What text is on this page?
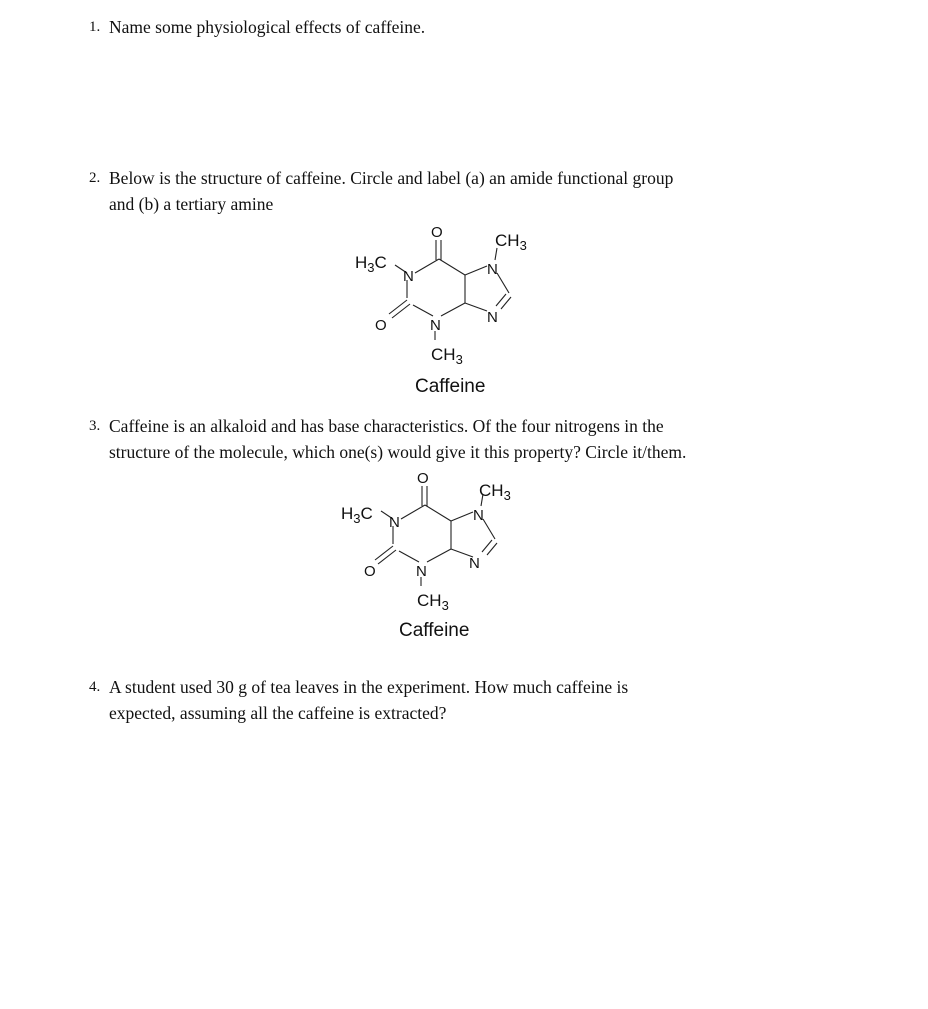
1. Name some physiological effects of caffeine.
2. Below is the structure of caffeine. Circle and label (a) an amide functional group
and (b) a tertiary amine
$H_3C$
N
O	$CH_3$
N
N
O	N
$CH_3$
Caffeine
3. Caffeine is an alkaloid and has base characteristics. Of the four nitrogens in the
structure of the molecule, which one(s) would give it this property? Circle it/them.
$H_3C$ N
O
$CH_3$
N
N
O	N
$CH_3$
Caffeine
4. A student used 30 g of tea leaves in the experiment. How much caffeine is
expected, assuming all the caffeine is extracted?
